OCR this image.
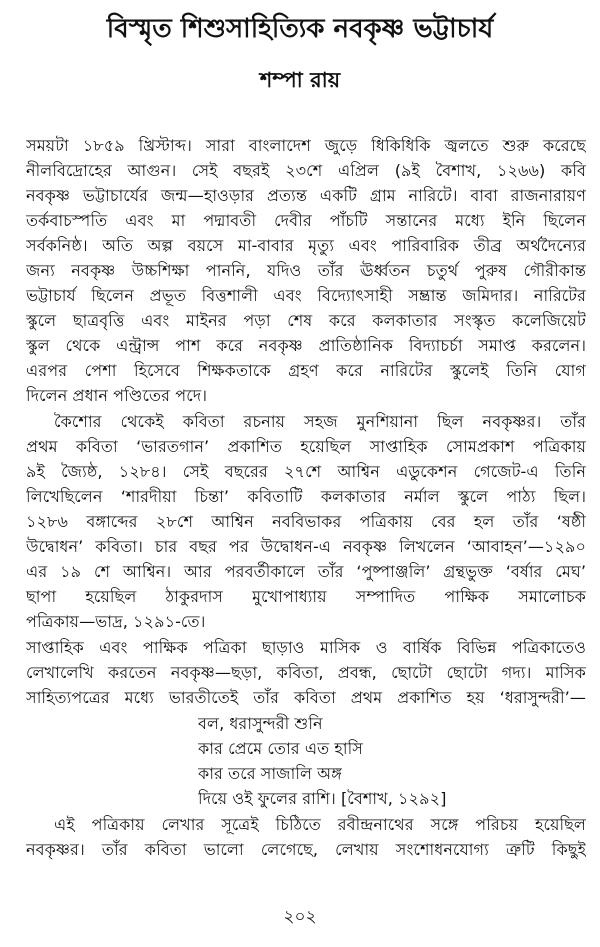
বিস্মৃত শিশুসাহিত্যিক নবকৃষ্ণ ভট্টাচার্য
শম্পা রায়
সময়টা ১৮৫৯ খ্রিস্টাব্দ। সারা বাংলাদেশ জুড়ে ধিকিধিকি জ্বলতে শুরু করেছে
নীলবিদ্রোহের আগুন। সেই বছরই ২৩শে এপ্রিল (৯ই বৈশাখ, ১২৬৬) কবি
নবকৃষ্ণ ভট্টাচার্যের জন্ম—হাওড়ার প্রত্যন্ত একটি গ্রাম নারিটে। বাবা রাজনারায়ণ
তর্কবাচস্পতি এবং মা পদ্মাবতী দেবীর পাঁচটি সন্তানের মধ্যে ইনি ছিলেন
সর্বকনিষ্ঠ। অতি অল্প বয়সে মা-বাবার মৃত্যু এবং পারিবারিক তীব্র অর্থদৈন্যের
জন্য নবকৃষ্ণ উচ্চশিক্ষা পাননি, যদিও তাঁর ঊর্ধ্বতন চতুর্থ পুরুষ গৌরীকান্ত
ভট্টাচার্য ছিলেন প্রভূত বিত্তশালী এবং বিদ্যোৎসাহী সম্ভ্রান্ত জমিদার। নারিটের
স্কুলে ছাত্রবৃত্তি এবং মাইনর পড়া শেষ করে কলকাতার সংস্কৃত কলেজিয়েট
স্কুল থেকে এন্ট্রান্স পাশ করে নবকৃষ্ণ প্রাতিষ্ঠানিক বিদ্যাচর্চা সমাপ্ত করলেন।
এরপর পেশা হিসেবে শিক্ষকতাকে গ্রহণ করে নারিটের স্কুলেই তিনি যোগ
দিলেন প্রধান পণ্ডিতের পদে।
কৈশোর থেকেই কবিতা রচনায় সহজ মুনশিয়ানা ছিল নবকৃষ্ণর। তাঁর
প্রথম কবিতা ‘ভারতগান’ প্রকাশিত হয়েছিল সাপ্তাহিক সোমপ্রকাশ পত্রিকায়
৯ই জ্যৈষ্ঠ, ১২৮৪। সেই বছরের ২৭শে আশ্বিন এডুকেশন গেজেট-এ তিনি
লিখেছিলেন ‘শারদীয়া চিন্তা’ কবিতাটি কলকাতার নর্মাল স্কুলে পাঠ্য ছিল।
১২৮৬ বঙ্গাব্দের ২৮শে আশ্বিন নববিভাকর পত্রিকায় বের হল তাঁর ‘ষষ্ঠী
উদ্বোধন’ কবিতা। চার বছর পর উদ্বোধন-এ নবকৃষ্ণ লিখলেন ‘আবাহন’—১২৯০
এর ১৯ শে আশ্বিন। আর পরবর্তীকালে তাঁর ‘পুষ্পাঞ্জলি’ গ্রন্থভুক্ত ‘বর্ষার মেঘ’
ছাপা হয়েছিল ঠাকুরদাস মুখোপাধ্যায় সম্পাদিত পাক্ষিক সমালোচক
পত্রিকায়—ভাদ্র, ১২৯১-তে।
সাপ্তাহিক এবং পাক্ষিক পত্রিকা ছাড়াও মাসিক ও বার্ষিক বিভিন্ন পত্রিকাতেও
লেখালেখি করতেন নবকৃষ্ণ—ছড়া, কবিতা, প্রবন্ধ, ছোটো ছোটো গদ্য। মাসিক
সাহিত্যপত্রের মধ্যে ভারতীতেই তাঁর কবিতা প্রথম প্রকাশিত হয় ‘ধরাসুন্দরী’—
বল, ধরাসুন্দরী শুনি
কার প্রেমে তোর এত হাসি
কার তরে সাজালি অঙ্গ
দিয়ে ওই ফুলের রাশি। [বৈশাখ, ১২৯২]
এই পত্রিকায় লেখার সূত্রেই চিঠিতে রবীন্দ্রনাথের সঙ্গে পরিচয় হয়েছিল
নবকৃষ্ণর। তাঁর কবিতা ভালো লেগেছে, লেখায় সংশোধনযোগ্য ত্রুটি কিছুই
২০২
